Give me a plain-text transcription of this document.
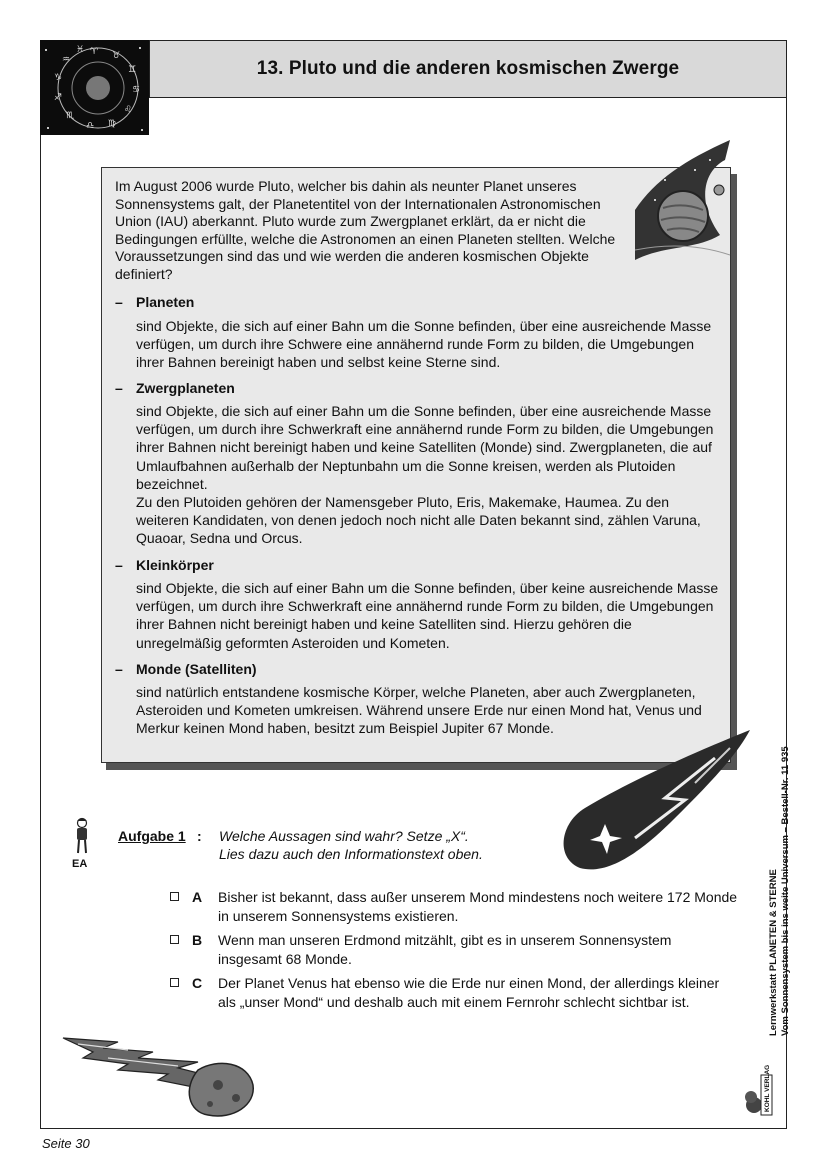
♈ ♉
♊
♋
♌
♍
♎
♏
♐
♑
♒
♓
13. Pluto und die anderen kosmischen Zwerge
Im August 2006 wurde Pluto, welcher bis dahin als neunter Planet unseres Sonnensystems galt, der Planetentitel von der Internationalen Astronomischen Union (IAU) aberkannt. Pluto wurde zum Zwergplanet erklärt, da er nicht die Bedingungen erfüllte, welche die Astronomen an einen Planeten stellten. Welche Voraussetzungen sind das und wie werden die anderen kosmischen Objekte definiert?
– Planeten
sind Objekte, die sich auf einer Bahn um die Sonne befinden, über eine ausreichende Masse verfügen, um durch ihre Schwere eine annähernd runde Form zu bilden, die Umgebungen ihrer Bahnen bereinigt haben und selbst keine Sterne sind.
– Zwergplaneten
sind Objekte, die sich auf einer Bahn um die Sonne befinden, über eine ausreichende Masse verfügen, um durch ihre Schwerkraft eine annähernd runde Form zu bilden, die Umgebungen ihrer Bahnen nicht bereinigt haben und keine Satelliten (Monde) sind. Zwergplaneten, die auf Umlaufbahnen außerhalb der Neptunbahn um die Sonne kreisen, werden als Plutoiden bezeichnet.
Zu den Plutoiden gehören der Namensgeber Pluto, Eris, Makemake, Haumea. Zu den weiteren Kandidaten, von denen jedoch noch nicht alle Daten bekannt sind, zählen Varuna, Quaoar, Sedna und Orcus.
– Kleinkörper
sind Objekte, die sich auf einer Bahn um die Sonne befinden, über keine ausreichende Masse verfügen, um durch ihre Schwerkraft eine annähernd runde Form zu bilden, die Umgebungen ihrer Bahnen nicht bereinigt haben und keine Satelliten sind. Hierzu gehören die unregelmäßig geformten Asteroiden und Kometen.
– Monde (Satelliten)
sind natürlich entstandene kosmische Körper, welche Planeten, aber auch Zwergplaneten, Asteroiden und Kometen umkreisen. Während unsere Erde nur einen Mond hat, Venus und Merkur keinen Mond haben, besitzt zum Beispiel Jupiter 67 Monde.
EA
Aufgabe 1 : Welche Aussagen sind wahr? Setze „X“.
Lies dazu auch den Informationstext oben.
A Bisher ist bekannt, dass außer unserem Mond mindestens noch weitere 172 Monde in unserem Sonnensystems existieren.
B Wenn man unseren Erdmond mitzählt, gibt es in unserem Sonnensystem insgesamt 68 Monde.
C Der Planet Venus hat ebenso wie die Erde nur einen Mond, der allerdings kleiner als „unser Mond“ und deshalb auch mit einem Fernrohr schlecht sichtbar ist.	Lernwerkstatt PLANETEN & STERNE Vom Sonnensystem bis ins weite Universum – Bestell-Nr. 11 935
KOHL VERLAG
Seite 30
